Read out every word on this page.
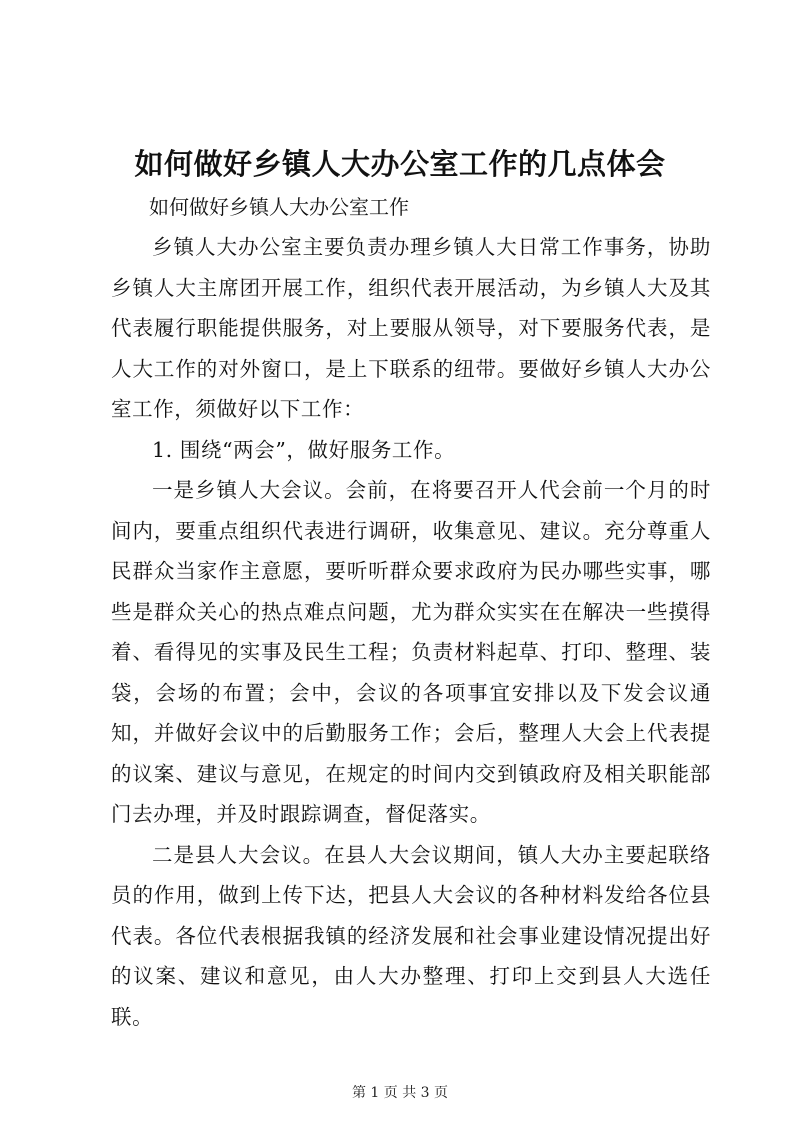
如何做好乡镇人大办公室工作的几点体会

如何做好乡镇人大办公室工作

乡镇人大办公室主要负责办理乡镇人大日常工作事务，协助乡镇人大主席团开展工作，组织代表开展活动，为乡镇人大及其代表履行职能提供服务，对上要服从领导，对下要服务代表，是人大工作的对外窗口，是上下联系的纽带。要做好乡镇人大办公室工作，须做好以下工作：

1. 围绕“两会”，做好服务工作。

一是乡镇人大会议。会前，在将要召开人代会前一个月的时间内，要重点组织代表进行调研，收集意见、建议。充分尊重人民群众当家作主意愿，要听听群众要求政府为民办哪些实事，哪些是群众关心的热点难点问题，尤为群众实实在在解决一些摸得着、看得见的实事及民生工程；负责材料起草、打印、整理、装袋，会场的布置；会中，会议的各项事宜安排以及下发会议通知，并做好会议中的后勤服务工作；会后，整理人大会上代表提的议案、建议与意见，在规定的时间内交到镇政府及相关职能部门去办理，并及时跟踪调查，督促落实。

二是县人大会议。在县人大会议期间，镇人大办主要起联络员的作用，做到上传下达，把县人大会议的各种材料发给各位县代表。各位代表根据我镇的经济发展和社会事业建设情况提出好的议案、建议和意见，由人大办整理、打印上交到县人大选任联。

第 1 页 共 3 页
